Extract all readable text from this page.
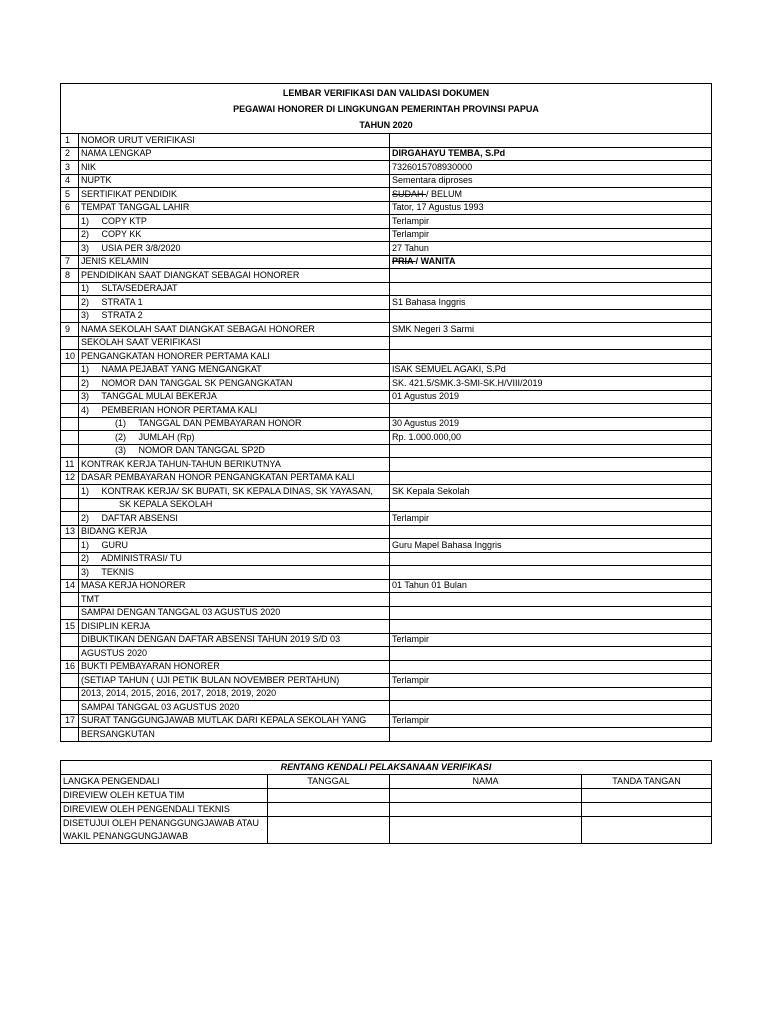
LEMBAR VERIFIKASI DAN VALIDASI DOKUMEN		
PEGAWAI HONORER DI LINGKUNGAN PEMERINTAH PROVINSI PAPUA		
TAHUN 2020		
1	NOMOR URUT VERIFIKASI	
2	NAMA LENGKAP	DIRGAHAYU TEMBA, S.Pd
3	NIK	7326015708930000
4	NUPTK	Sementara diproses
5	SERTIFIKAT PENDIDIK	SUDAH / BELUM
6	TEMPAT TANGGAL LAHIR	Tator, 17 Agustus 1993
	1)     COPY KTP	Terlampir
	2)     COPY KK	Terlampir
	3)     USIA PER 3/8/2020	27 Tahun
7	JENIS KELAMIN	PRIA / WANITA
8	PENDIDIKAN SAAT DIANGKAT SEBAGAI HONORER	
	1)     SLTA/SEDERAJAT	
	2)     STRATA 1	S1 Bahasa Inggris
	3)     STRATA 2	
9	NAMA SEKOLAH SAAT DIANGKAT SEBAGAI HONORER	SMK Negeri 3 Sarmi
	SEKOLAH SAAT VERIFIKASI	
10	PENGANGKATAN HONORER PERTAMA KALI	
	1)     NAMA PEJABAT YANG MENGANGKAT	ISAK SEMUEL AGAKI, S.Pd
	2)     NOMOR DAN TANGGAL SK PENGANGKATAN	SK. 421.5/SMK.3-SMI-SK.H/VIII/2019
	3)     TANGGAL MULAI BEKERJA	01 Agustus 2019
	4)     PEMBERIAN HONOR PERTAMA KALI	
	(1)     TANGGAL DAN PEMBAYARAN HONOR	30 Agustus 2019
	(2)     JUMLAH (Rp)	Rp. 1.000.000,00
	(3)     NOMOR DAN TANGGAL SP2D	
11	KONTRAK KERJA TAHUN-TAHUN BERIKUTNYA	
12	DASAR PEMBAYARAN HONOR PENGANGKATAN PERTAMA KALI	
	1)     KONTRAK KERJA/ SK BUPATI, SK KEPALA DINAS, SK YAYASAN,	SK Kepala Sekolah
	SK KEPALA SEKOLAH	
	2)     DAFTAR ABSENSI	Terlampir
13	BIDANG KERJA	
	1)     GURU	Guru Mapel Bahasa Inggris
	2)     ADMINISTRASI/ TU	
	3)     TEKNIS	
14	MASA KERJA HONORER	01 Tahun 01 Bulan
	TMT	
	SAMPAI DENGAN TANGGAL 03 AGUSTUS 2020	
15	DISIPLIN KERJA	
	DIBUKTIKAN DENGAN DAFTAR ABSENSI TAHUN 2019 S/D 03	Terlampir
	AGUSTUS 2020	
16	BUKTI PEMBAYARAN HONORER	
	(SETIAP TAHUN ( UJI PETIK BULAN NOVEMBER PERTAHUN)	Terlampir
	2013, 2014, 2015, 2016, 2017, 2018, 2019, 2020	
	SAMPAI TANGGAL 03 AGUSTUS 2020	
17	SURAT TANGGUNGJAWAB MUTLAK DARI KEPALA SEKOLAH YANG	Terlampir
	BERSANGKUTAN	
RENTANG KENDALI PELAKSANAAN VERIFIKASI			
LANGKA PENGENDALI	TANGGAL	NAMA	TANDA TANGAN
DIREVIEW OLEH KETUA TIM			
DIREVIEW OLEH PENGENDALI TEKNIS			
DISETUJUI OLEH PENANGGUNGJAWAB ATAU			
WAKIL PENANGGUNGJAWAB			
